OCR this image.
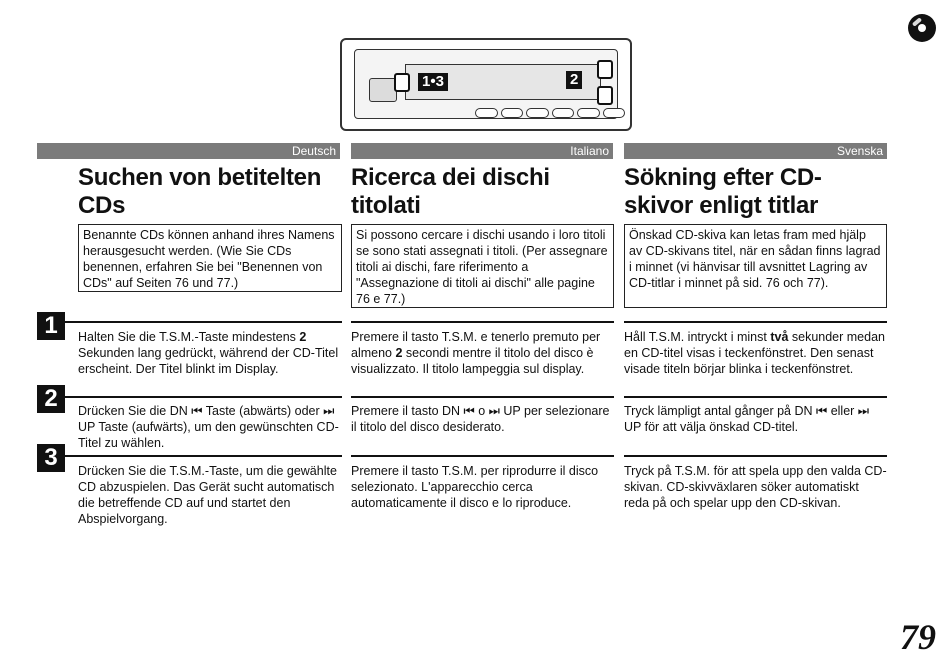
1•3	2
Deutsch	Italiano	Svenska
Suchen von betitelten CDs
Ricerca dei dischi titolati
Sökning efter CD-skivor enligt titlar
Benannte CDs können anhand ihres Namens herausgesucht werden. (Wie Sie CDs benennen, erfahren Sie bei "Benennen von CDs" auf Seiten 76 und 77.)
Si possono cercare i dischi usando i loro titoli se sono stati assegnati i titoli. (Per assegnare titoli ai dischi, fare riferimento a "Assegnazione di titoli ai dischi" alle pagine 76 e 77.)
Önskad CD-skiva kan letas fram med hjälp av CD-skivans titel, när en sådan finns lagrad i minnet (vi hänvisar till avsnittet Lagring av CD-titlar i minnet på sid. 76 och 77).
1
2
3
Halten Sie die T.S.M.-Taste mindestens 2 Sekunden lang gedrückt, während der CD-Titel erscheint. Der Titel blinkt im Display.
Premere il tasto T.S.M. e tenerlo premuto per almeno 2 secondi mentre il titolo del disco è visualizzato. Il titolo lampeggia sul display.
Håll T.S.M. intryckt i minst två sekunder medan en CD-titel visas i teckenfönstret. Den senast visade titeln börjar blinka i teckenfönstret.
Drücken Sie die DN ⏮ Taste (abwärts) oder ⏭ UP Taste (aufwärts), um den gewünschten CD-Titel zu wählen.
Premere il tasto DN ⏮ o ⏭ UP per selezionare il titolo del disco desiderato.
Tryck lämpligt antal gånger på DN ⏮ eller ⏭ UP för att välja önskad CD-titel.
Drücken Sie die T.S.M.-Taste, um die gewählte CD abzuspielen. Das Gerät sucht automatisch die betreffende CD auf und startet den Abspielvorgang.
Premere il tasto T.S.M. per riprodurre il disco selezionato. L'apparecchio cerca automaticamente il disco e lo riproduce.
Tryck på T.S.M. för att spela upp den valda CD-skivan. CD-skivväxlaren söker automatiskt reda på och spelar upp den CD-skivan.
79
